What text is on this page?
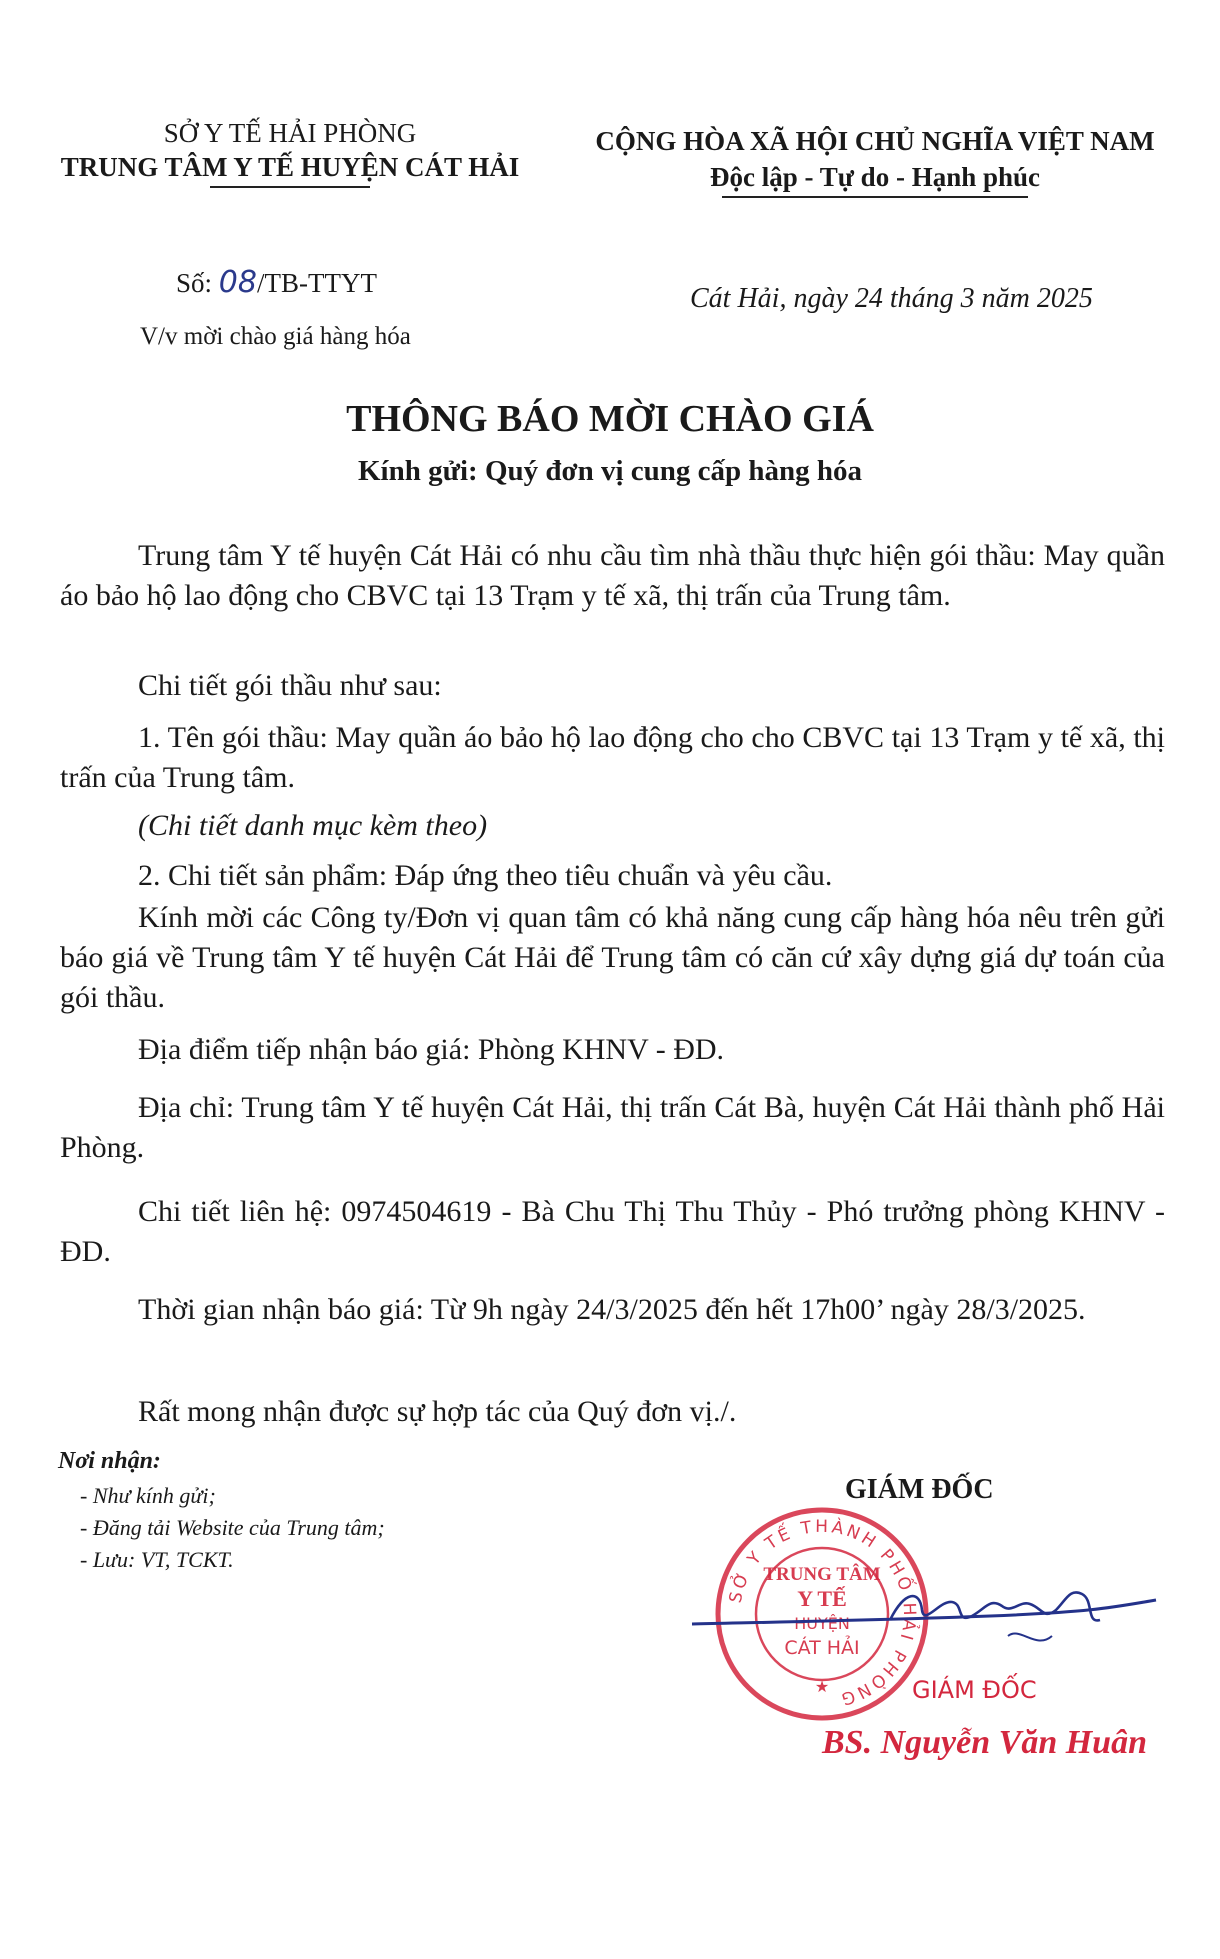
SỞ Y TẾ HẢI PHÒNG
TRUNG TÂM Y TẾ HUYỆN CÁT HẢI
CỘNG HÒA XÃ HỘI CHỦ NGHĨA VIỆT NAM
Độc lập - Tự do - Hạnh phúc
Số: 08/TB-TTYT
V/v mời chào giá hàng hóa
Cát Hải, ngày 24 tháng 3 năm 2025
THÔNG BÁO MỜI CHÀO GIÁ
Kính gửi: Quý đơn vị cung cấp hàng hóa
Trung tâm Y tế huyện Cát Hải có nhu cầu tìm nhà thầu thực hiện gói thầu: May quần áo bảo hộ lao động cho CBVC tại 13 Trạm y tế xã, thị trấn của Trung tâm.
Chi tiết gói thầu như sau:
1. Tên gói thầu: May quần áo bảo hộ lao động cho cho CBVC tại 13 Trạm y tế xã, thị trấn của Trung tâm.
(Chi tiết danh mục kèm theo)
2. Chi tiết sản phẩm: Đáp ứng theo tiêu chuẩn và yêu cầu.
Kính mời các Công ty/Đơn vị quan tâm có khả năng cung cấp hàng hóa nêu trên gửi báo giá về Trung tâm Y tế huyện Cát Hải để Trung tâm có căn cứ xây dựng giá dự toán của gói thầu.
Địa điểm tiếp nhận báo giá: Phòng KHNV - ĐD.
Địa chỉ: Trung tâm Y tế huyện Cát Hải, thị trấn Cát Bà, huyện Cát Hải thành phố Hải Phòng.
Chi tiết liên hệ: 0974504619 - Bà Chu Thị Thu Thủy - Phó trưởng phòng KHNV - ĐD.
Thời gian nhận báo giá: Từ 9h ngày 24/3/2025 đến hết 17h00’ ngày 28/3/2025.
Rất mong nhận được sự hợp tác của Quý đơn vị./.
Nơi nhận:
- Như kính gửi;
- Đăng tải Website của Trung tâm;
- Lưu: VT, TCKT.
GIÁM ĐỐC
SỞ Y TẾ THÀNH PHỐ HẢI PHÒNG
TRUNG TÂM
Y TẾ
HUYỆN
CÁT HẢI
★	GIÁM ĐỐC
BS. Nguyễn Văn Huân
